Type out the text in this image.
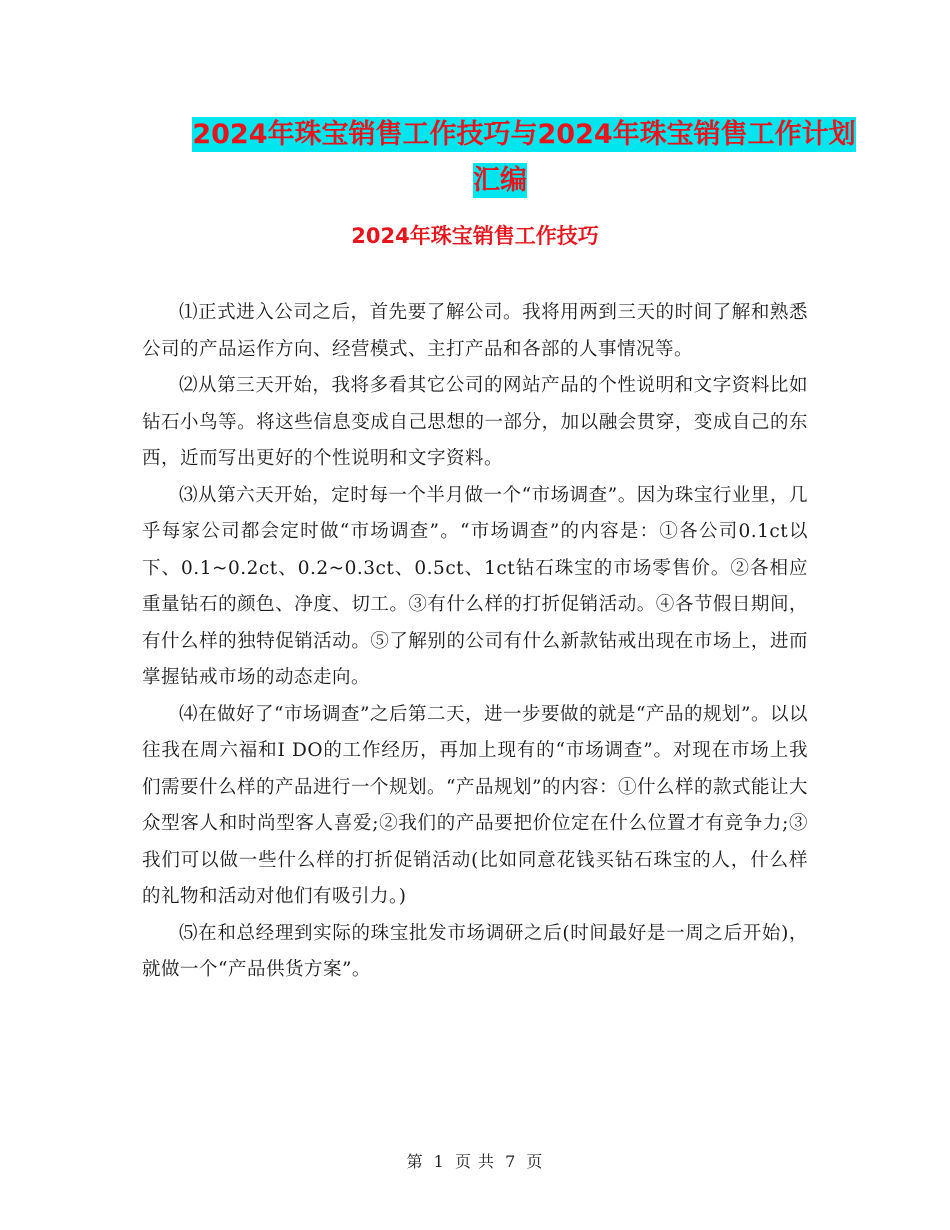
2024年珠宝销售工作技巧与2024年珠宝销售工作计划
汇编
2024年珠宝销售工作技巧

⑴正式进入公司之后，首先要了解公司。我将用两到三天的时间了解和熟悉公司的产品运作方向、经营模式、主打产品和各部的人事情况等。

⑵从第三天开始，我将多看其它公司的网站产品的个性说明和文字资料比如钻石小鸟等。将这些信息变成自己思想的一部分，加以融会贯穿，变成自己的东西，近而写出更好的个性说明和文字资料。

⑶从第六天开始，定时每一个半月做一个“市场调查”。因为珠宝行业里，几乎每家公司都会定时做“市场调查”。“市场调查”的内容是：①各公司0.1ct以下、0.1~0.2ct、0.2~0.3ct、0.5ct、1ct钻石珠宝的市场零售价。②各相应重量钻石的颜色、净度、切工。③有什么样的打折促销活动。④各节假日期间，有什么样的独特促销活动。⑤了解别的公司有什么新款钻戒出现在市场上，进而掌握钻戒市场的动态走向。

⑷在做好了“市场调查”之后第二天，进一步要做的就是“产品的规划”。以以往我在周六福和I DO的工作经历，再加上现有的“市场调查”。对现在市场上我们需要什么样的产品进行一个规划。“产品规划”的内容：①什么样的款式能让大众型客人和时尚型客人喜爱;②我们的产品要把价位定在什么位置才有竞争力;③我们可以做一些什么样的打折促销活动(比如同意花钱买钻石珠宝的人，什么样的礼物和活动对他们有吸引力。)

⑸在和总经理到实际的珠宝批发市场调研之后(时间最好是一周之后开始)，就做一个“产品供货方案”。

第 1 页 共 7 页
